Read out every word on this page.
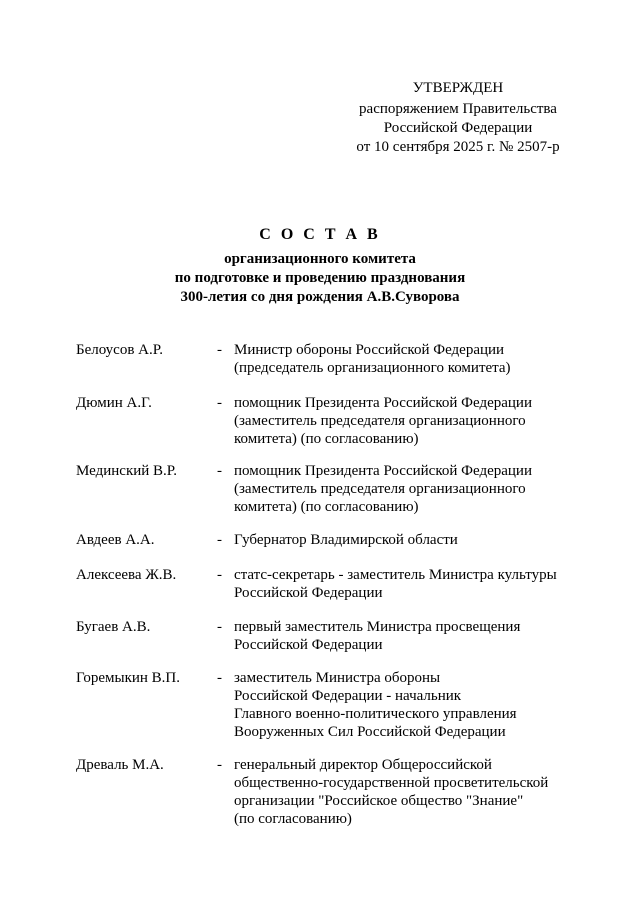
УТВЕРЖДЕН
распоряжением Правительства
Российской Федерации
от 10 сентября 2025 г. № 2507-р
С О С Т А В
организационного комитета
по подготовке и проведению празднования
300-летия со дня рождения А.В.Суворова
Белоусов А.Р.	- Министр обороны Российской Федерации
(председатель организационного комитета)
Дюмин А.Г.	- помощник Президента Российской Федерации
(заместитель председателя организационного
комитета) (по согласованию)
Мединский В.Р.	- помощник Президента Российской Федерации
(заместитель председателя организационного
комитета) (по согласованию)
Авдеев А.А.	- Губернатор Владимирской области
Алексеева Ж.В.	- статс-секретарь - заместитель Министра культуры
Российской Федерации
Бугаев А.В.	- первый заместитель Министра просвещения
Российской Федерации
Горемыкин В.П. - заместитель Министра обороны
Российской Федерации - начальник
Главного военно-политического управления
Вооруженных Сил Российской Федерации
Древаль М.А.	- генеральный директор Общероссийской
общественно-государственной просветительской
организации "Российское общество "Знание"
(по согласованию)
